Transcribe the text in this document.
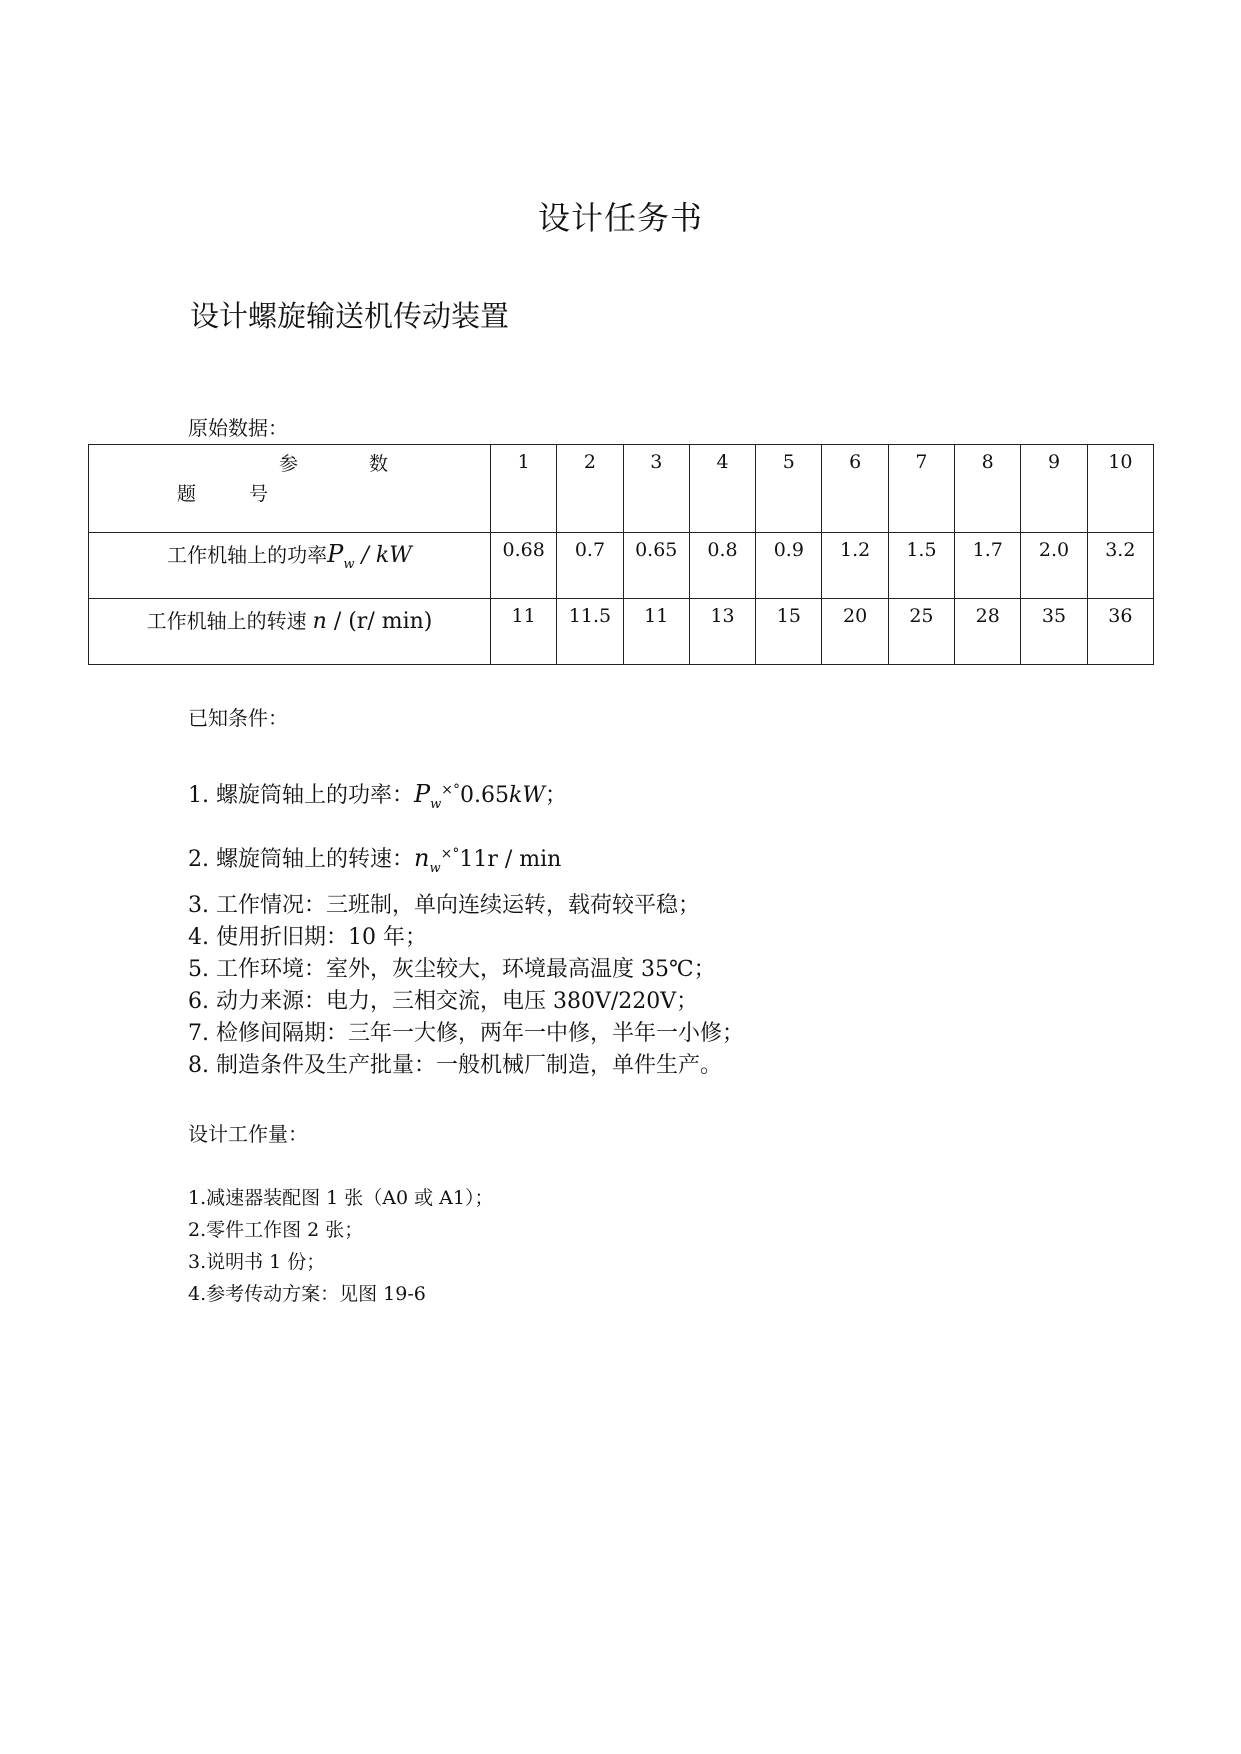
设计任务书
设计螺旋输送机传动装置
原始数据：
参 数
题 号	1	2	3	4	5	6	7	8	9	10
工作机轴上的功率$P_w$ / kW	0.68	0.7	0.65	0.8	0.9	1.2	1.5	1.7	2.0	3.2
工作机轴上的转速 n / (r/ min)	11	11.5	11	13	15	20	25	28	35	36
已知条件：
1. 螺旋筒轴上的功率：$P_w^{\times^\circ}0.65kW$；
2. 螺旋筒轴上的转速：$n_w^{\times^\circ}11r$ / min
3. 工作情况：三班制，单向连续运转，载荷较平稳；
4. 使用折旧期：10 年；
5. 工作环境：室外，灰尘较大，环境最高温度 35℃；
6. 动力来源：电力，三相交流，电压 380V/220V；
7. 检修间隔期：三年一大修，两年一中修，半年一小修；
8. 制造条件及生产批量：一般机械厂制造，单件生产。
设计工作量：
1.减速器装配图 1 张（A0 或 A1）；
2.零件工作图 2 张；
3.说明书 1 份；
4.参考传动方案：见图 19-6
